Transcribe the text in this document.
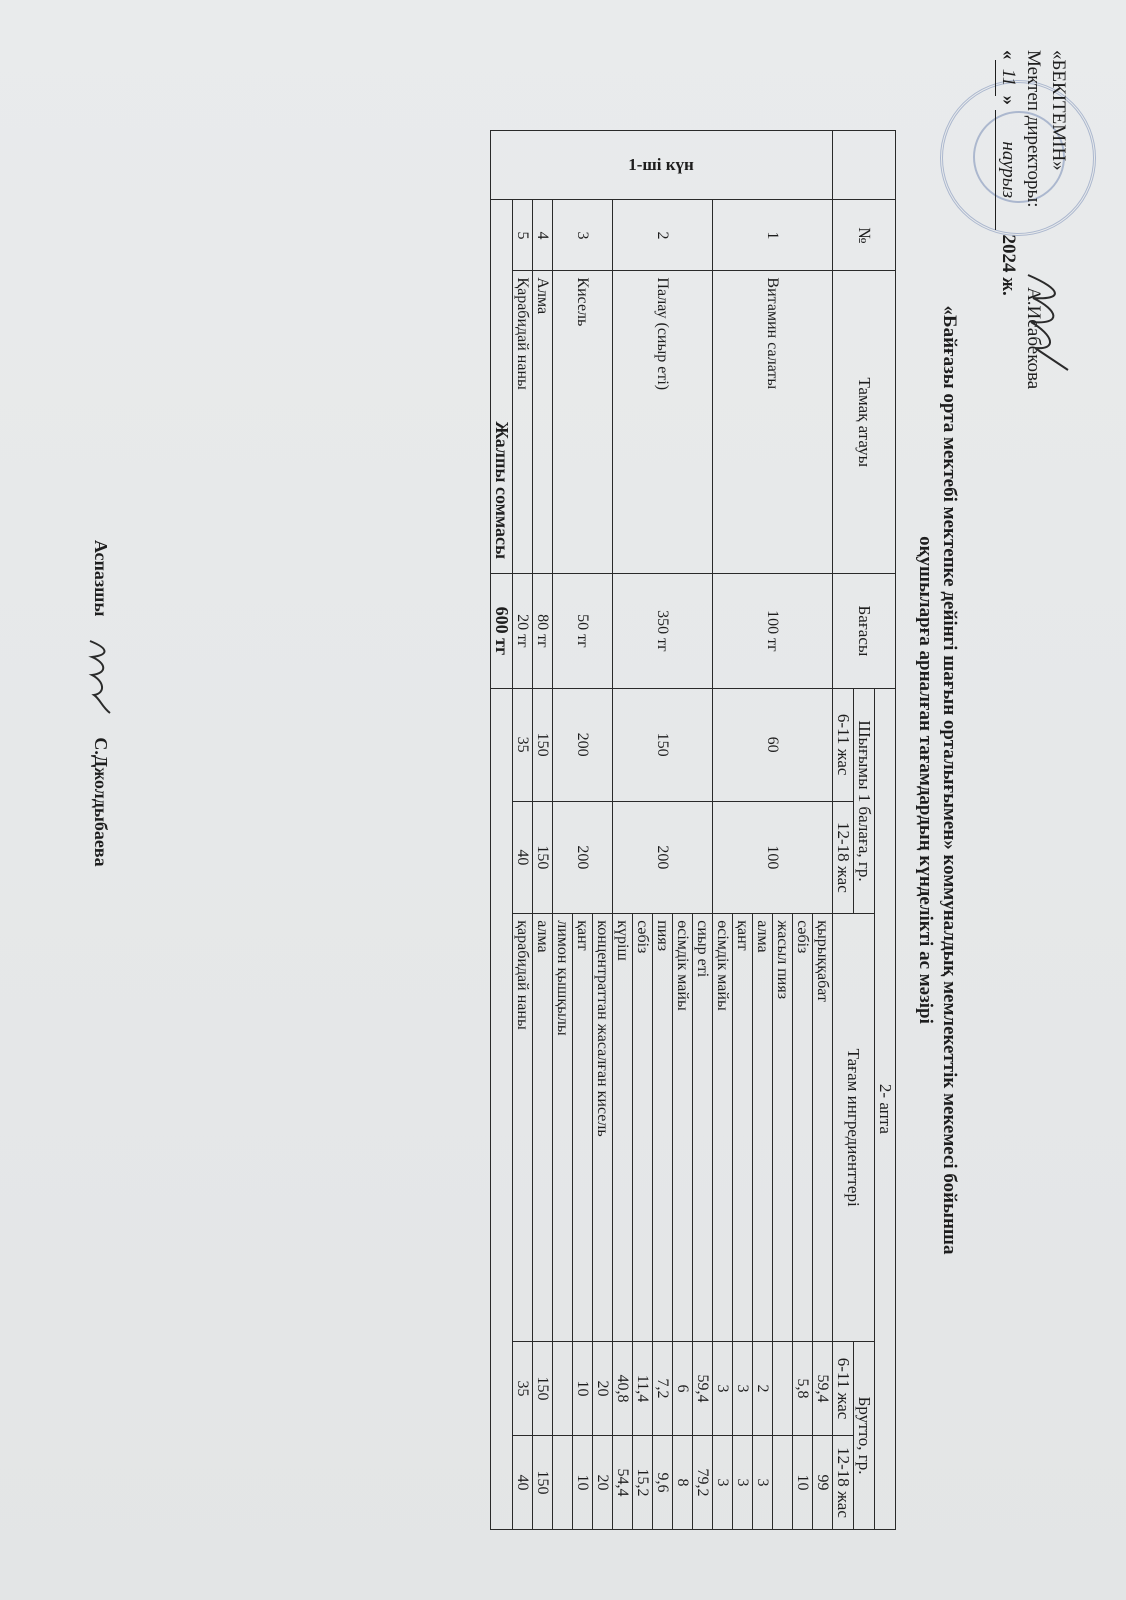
«БЕКІТЕМІН»
Мектеп директоры:  А.Исабекова
«11» наурыз 2024 ж.
«Байғазы орта мектебі мектепке дейінгі шағын орталығымен» коммуналдық мемлекеттік мекемесі бойынша
оқушыларға арналған тағамдардың күнделікті ас мәзірі
	№	Тамақ атауы	Бағасы	2- апта				
				Шығымы 1 балаға, гр.		Тағам ингредиенттері	Брутто, гр.	
				6-11 жас	12-18 жас		6-11 жас	12-18 жас
1-ші күн	1	Витамин салаты	100 тг	60	100	қырыққабат	59,4	99
						сәбіз	5,8	10
						жасыл пияз		
						алма	2	3
						қант	3	3
						өсімдік майы	3	3
	2	Палау (сиыр еті)	350 тг	150	200	сиыр еті	59,4	79,2
						өсімдік майы	6	8
						пияз	7,2	9,6
						сәбіз	11,4	15,2
						күріш	40,8	54,4
	3	Кисель	50 тг	200	200	концентраттан жасалған кисель	20	20
						қант	10	10
						лимон қышқылы		
	4	Алма	80 тг	150	150	алма	150	150
	5	Қарабидай наны	20 тг	35	40	қарабидай наны	35	40
	Жалпы соммасы		600 тг					
Аспазшы  С.Джолдыбаева
